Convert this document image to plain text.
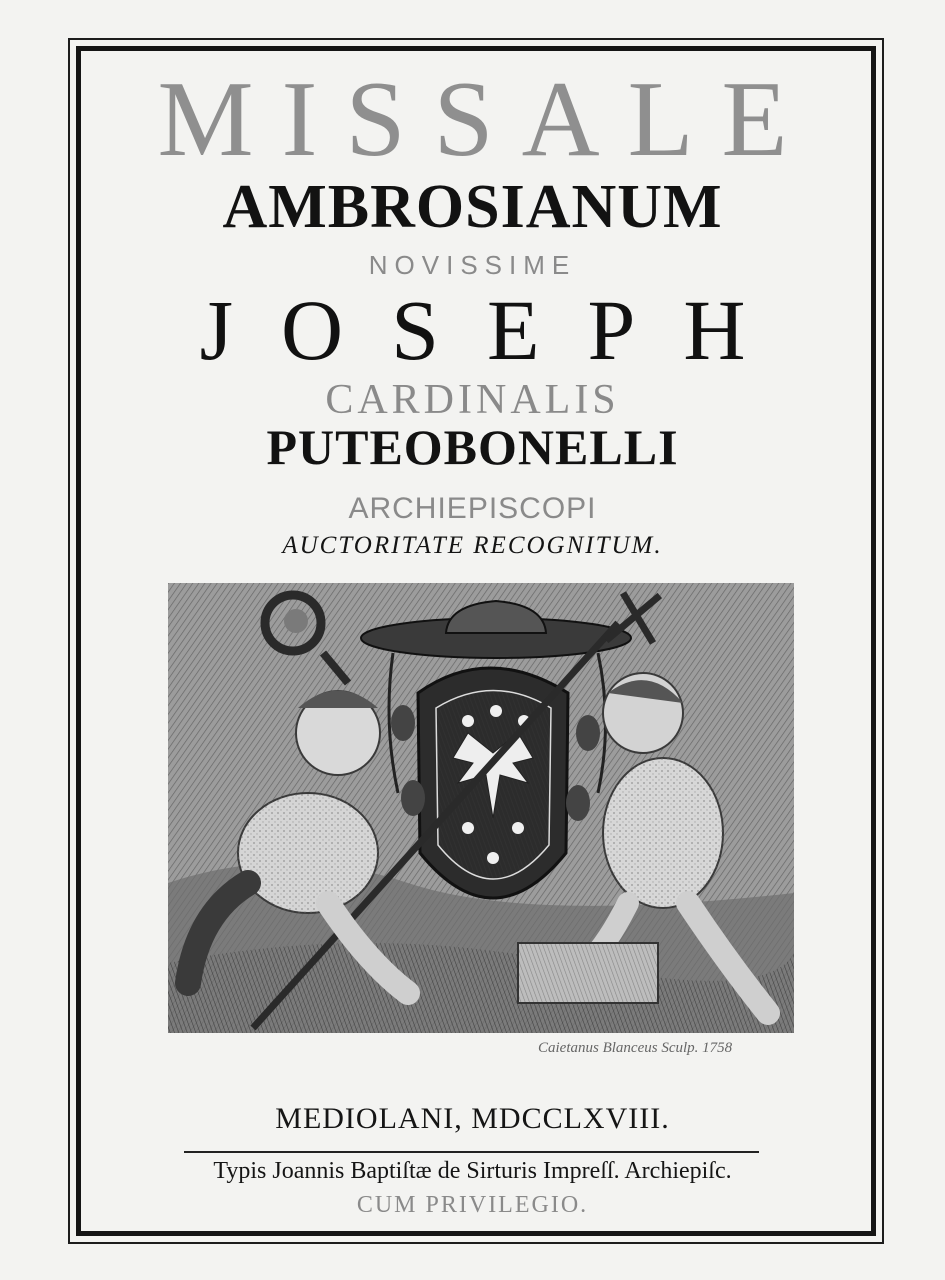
MISSALE
AMBROSIANUM
NOVISSIME
JOSEPH
CARDINALIS
PUTEOBONELLI
ARCHIEPISCOPI
AUCTORITATE RECOGNITUM.
Caietanus Blanceus Sculp. 1758
MEDIOLANI, MDCCLXVIII.
Typis Joannis Baptiſtæ de Sirturis Impreſſ. Archiepiſc.
CUM PRIVILEGIO.
